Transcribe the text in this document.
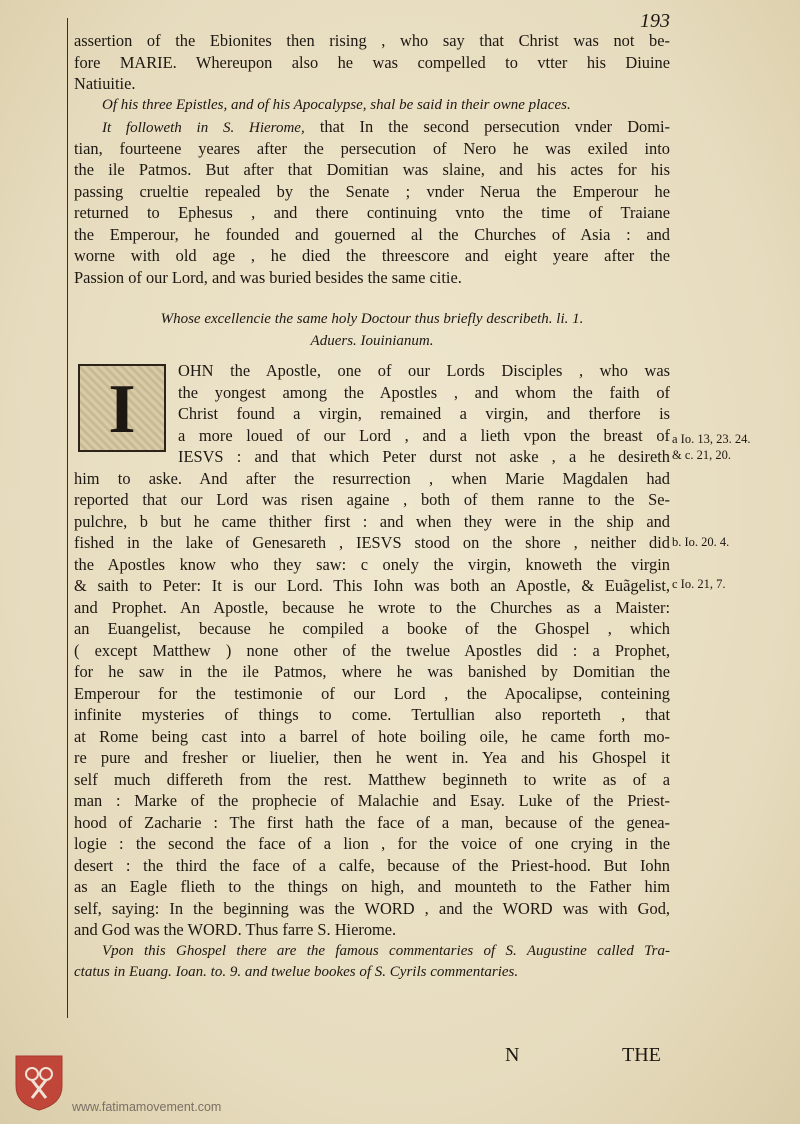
193
assertion of the Ebionites then rising , who say that Christ was not be-
fore MARIE. Whereupon also he was compelled to vtter his Diuine
Natiuitie.
Of his three Epistles, and of his Apocalypse, shal be said in their owne places.
It followeth in S. Hierome, that In the second persecution vnder Domi-
tian, fourteene yeares after the persecution of Nero he was exiled into
the ile Patmos. But after that Domitian was slaine, and his actes for his
passing crueltie repealed by the Senate ; vnder Nerua the Emperour he
returned to Ephesus , and there continuing vnto the time of Traiane
the Emperour, he founded and gouerned al the Churches of Asia : and
worne with old age , he died the threescore and eight yeare after the
Passion of our Lord, and was buried besides the same citie.
Whose excellencie the same holy Doctour thus briefly describeth. li. 1.
Aduers. Iouinianum.
I
OHN the Apostle, one of our Lords Disciples , who was
the yongest among the Apostles , and whom the faith of
Christ found a virgin, remained a virgin, and therfore is
a more loued of our Lord , and a lieth vpon the breast of
IESVS : and that which Peter durst not aske , a he desireth
him to aske. And after the resurrection , when Marie Magdalen had
reported that our Lord was risen againe , both of them ranne to the Se-
pulchre, b but he came thither first : and when they were in the ship and
fished in the lake of Genesareth , IESVS stood on the shore , neither did
the Apostles know who they saw: c onely the virgin, knoweth the virgin
& saith to Peter: It is our Lord. This Iohn was both an Apostle, & Euãgelist,
and Prophet. An Apostle, because he wrote to the Churches as a Maister:
an Euangelist, because he compiled a booke of the Ghospel , which
( except Matthew ) none other of the twelue Apostles did : a Prophet,
for he saw in the ile Patmos, where he was banished by Domitian the
Emperour for the testimonie of our Lord , the Apocalipse, conteining
infinite mysteries of things to come. Tertullian also reporteth , that
at Rome being cast into a barrel of hote boiling oile, he came forth mo-
re pure and fresher or liuelier, then he went in. Yea and his Ghospel it
self much differeth from the rest. Matthew beginneth to write as of a
man : Marke of the prophecie of Malachie and Esay. Luke of the Priest-
hood of Zacharie : The first hath the face of a man, because of the genea-
logie : the second the face of a lion , for the voice of one crying in the
desert : the third the face of a calfe, because of the Priest-hood. But Iohn
as an Eagle flieth to the things on high, and mounteth to the Father him
self, saying: In the beginning was the WORD , and the WORD was with God,
and God was the WORD. Thus farre S. Hierome.
Vpon this Ghospel there are the famous commentaries of S. Augustine called Tra-
ctatus in Euang. Ioan. to. 9. and twelue bookes of S. Cyrils commentaries.
a Io. 13, 23. 24.
& c. 21, 20.
b. Io. 20. 4.
c Io. 21, 7.
N	THE
www.fatimamovement.com
